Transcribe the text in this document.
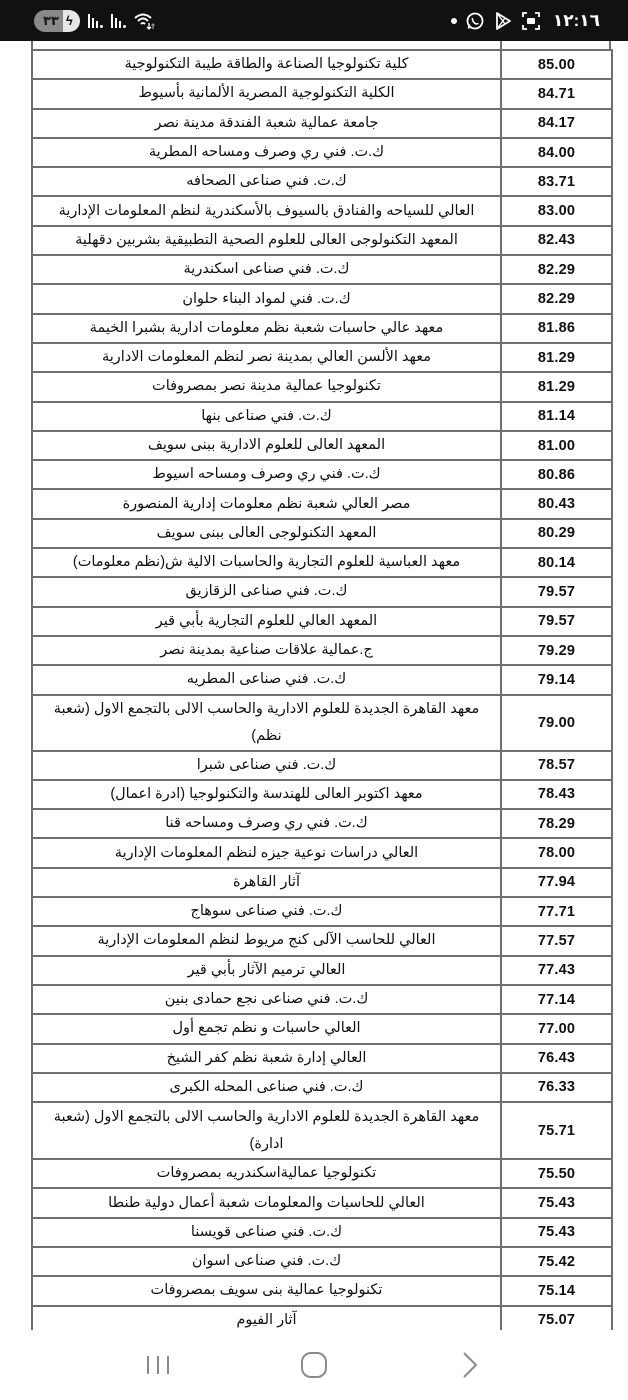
٣٣ ϟ	١٢:١٦
كلية تكنولوجيا الصناعة والطاقة طيبة التكنولوجية	85.00
الكلية التكنولوجية المصرية الألمانية بأسيوط	84.71
جامعة عمالية شعبة الفندقة مدينة نصر	84.17
ك.ت. فني ري وصرف ومساحه المطرية	84.00
ك.ت. فني صناعى الصحافه	83.71
العالي للسياحه والفنادق بالسيوف بالأسكندرية لنظم المعلومات الإدارية	83.00
المعهد التكنولوجى العالى للعلوم الصحية التطبيقية بشربين دقهلية	82.43
ك.ت. فني صناعى اسكندرية	82.29
ك.ت. فني لمواد البناء حلوان	82.29
معهد عالي حاسبات شعبة نظم معلومات ادارية بشبرا الخيمة	81.86
معهد الألسن العالي بمدينة نصر لنظم المعلومات الادارية	81.29
تكنولوجيا عمالية مدينة نصر بمصروفات	81.29
ك.ت. فني صناعى بنها	81.14
المعهد العالى للعلوم الادارية ببنى سويف	81.00
ك.ت. فني ري وصرف ومساحه اسيوط	80.86
مصر العالي شعبة نظم معلومات إدارية المنصورة	80.43
المعهد التكنولوجى العالى ببنى سويف	80.29
معهد العباسية للعلوم التجارية والحاسبات الالية ش(نظم معلومات)	80.14
ك.ت. فني صناعى الزقازيق	79.57
المعهد العالي للعلوم التجارية بأبي قير	79.57
ج.عمالية علاقات صناعية بمدينة نصر	79.29
ك.ت. فني صناعى المطريه	79.14
معهد القاهرة الجديدة للعلوم الادارية والحاسب الالى بالتجمع الاول (شعبة نظم)	79.00
ك.ت. فني صناعى شبرا	78.57
معهد اكتوبر العالى للهندسة والتكنولوجيا (ادرة اعمال)	78.43
ك.ت. فني ري وصرف ومساحه قنا	78.29
العالي دراسات نوعية جيزه لنظم المعلومات الإدارية	78.00
آثار القاهرة	77.94
ك.ت. فني صناعى سوهاج	77.71
العالي للحاسب الآلى كنج مريوط لنظم المعلومات الإدارية	77.57
العالي ترميم الآثار بأبي قير	77.43
ك.ت. فني صناعى نجع حمادى بنين	77.14
العالي حاسبات و نظم تجمع أول	77.00
العالي إدارة شعبة نظم كفر الشيخ	76.43
ك.ت. فني صناعى المحله الكبرى	76.33
معهد القاهرة الجديدة للعلوم الادارية والحاسب الالى بالتجمع الاول (شعبة ادارة)	75.71
تكنولوجيا عماليةاسكندريه بمصروفات	75.50
العالي للحاسبات والمعلومات شعبة أعمال دولية طنطا	75.43
ك.ت. فني صناعى قويسنا	75.43
ك.ت. فني صناعى اسوان	75.42
تكنولوجيا عمالية بنى سويف بمصروفات	75.14
آثار الفيوم	75.07
